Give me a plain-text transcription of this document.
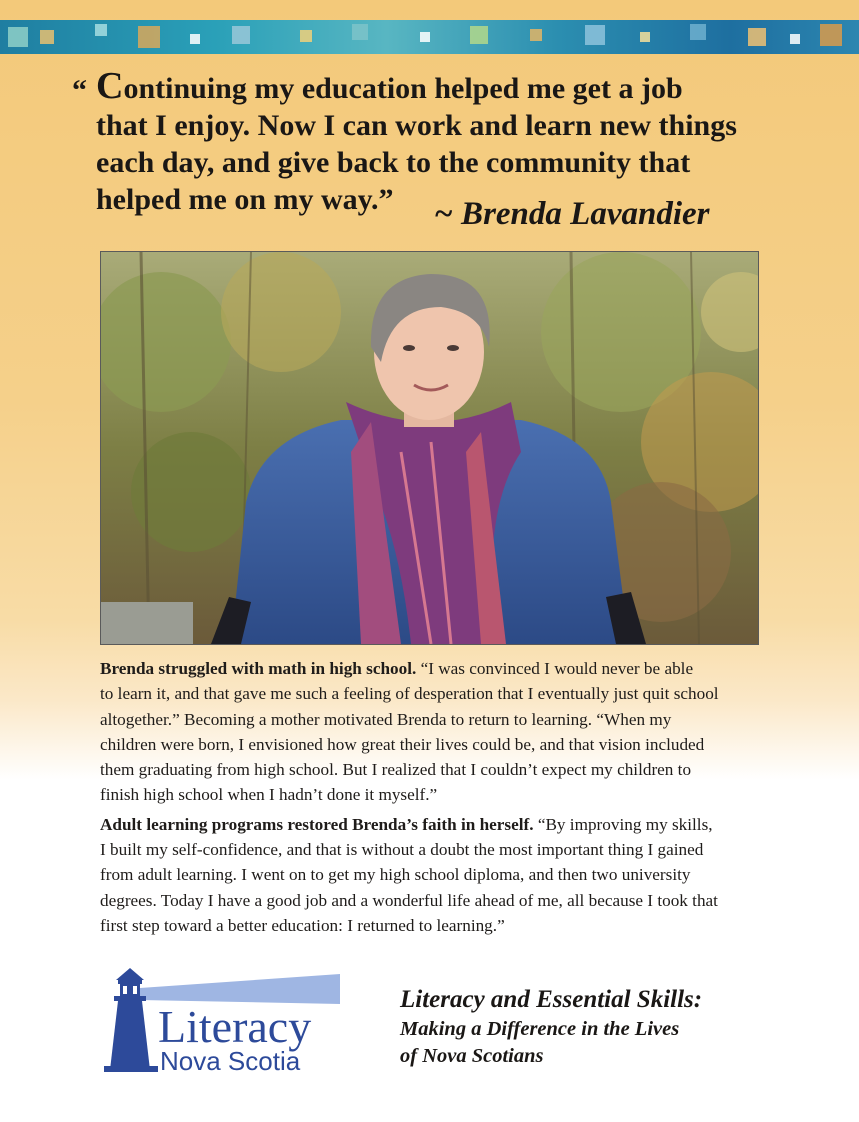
“ Continuing my education helped me get a job
that I enjoy. Now I can work and learn new things
each day, and give back to the community that
helped me on my way.”	~ Brenda Lavandier
Brenda struggled with math in high school. “I was convinced I would never be able
to learn it, and that gave me such a feeling of desperation that I eventually just quit school
altogether.” Becoming a mother motivated Brenda to return to learning. “When my
children were born, I envisioned how great their lives could be, and that vision included
them graduating from high school. But I realized that I couldn’t expect my children to
finish high school when I hadn’t done it myself.”
Adult learning programs restored Brenda’s faith in herself. “By improving my skills,
I built my self-confidence, and that is without a doubt the most important thing I gained
from adult learning. I went on to get my high school diploma, and then two university
degrees. Today I have a good job and a wonderful life ahead of me, all because I took that
first step toward a better education: I returned to learning.”
Literacy
Nova Scotia
Literacy and Essential Skills:
Making a Difference in the Lives
of Nova Scotians
